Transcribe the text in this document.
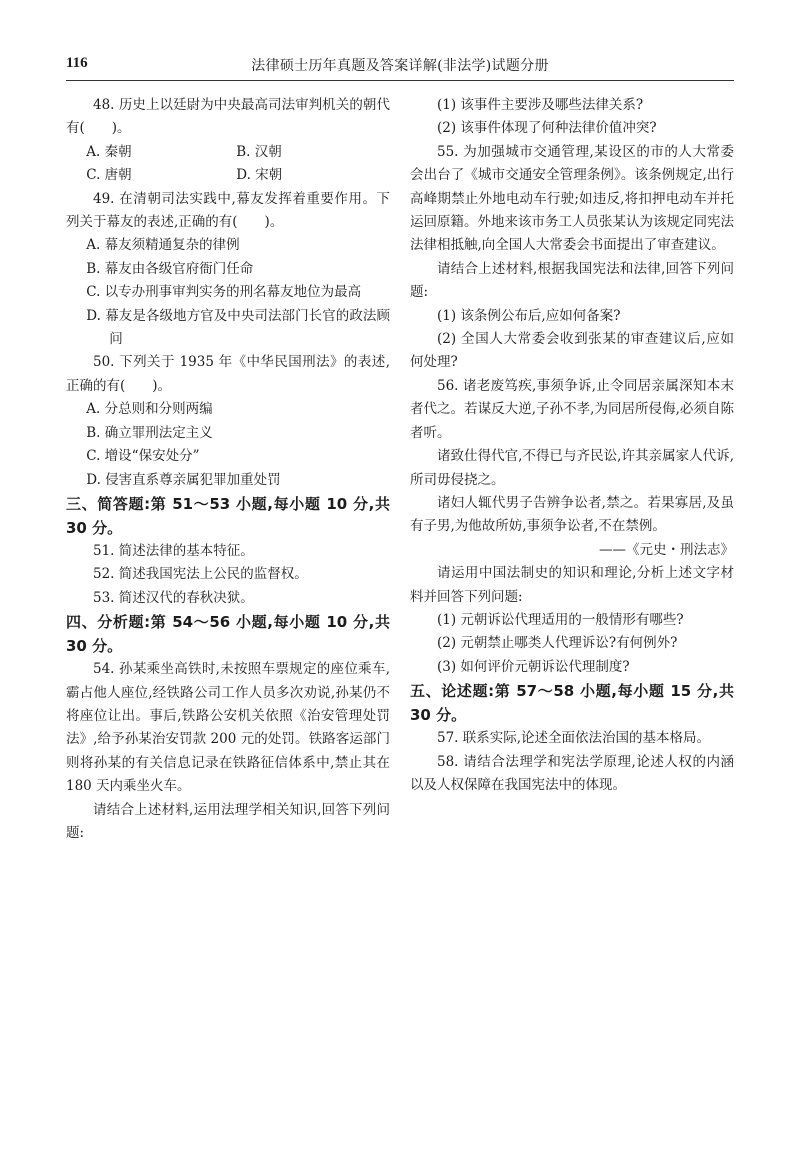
116	法律硕士历年真题及答案详解(非法学)试题分册

48. 历史上以廷尉为中央最高司法审判机关的朝代有(　　)。

A. 秦朝	B. 汉朝
C. 唐朝	D. 宋朝

49. 在清朝司法实践中,幕友发挥着重要作用。下列关于幕友的表述,正确的有(　　)。

A. 幕友须精通复杂的律例

B. 幕友由各级官府衙门任命

C. 以专办刑事审判实务的刑名幕友地位为最高

D. 幕友是各级地方官及中央司法部门长官的政法顾问

50. 下列关于 1935 年《中华民国刑法》的表述,正确的有(　　)。

A. 分总则和分则两编

B. 确立罪刑法定主义

C. 增设“保安处分”

D. 侵害直系尊亲属犯罪加重处罚

三、简答题:第 51～53 小题,每小题 10 分,共 30 分。

51. 简述法律的基本特征。

52. 简述我国宪法上公民的监督权。

53. 简述汉代的春秋决狱。

四、分析题:第 54～56 小题,每小题 10 分,共 30 分。

54. 孙某乘坐高铁时,未按照车票规定的座位乘车,霸占他人座位,经铁路公司工作人员多次劝说,孙某仍不将座位让出。事后,铁路公安机关依照《治安管理处罚法》,给予孙某治安罚款 200 元的处罚。铁路客运部门则将孙某的有关信息记录在铁路征信体系中,禁止其在 180 天内乘坐火车。

请结合上述材料,运用法理学相关知识,回答下列问题:

(1) 该事件主要涉及哪些法律关系?

(2) 该事件体现了何种法律价值冲突?

55. 为加强城市交通管理,某设区的市的人大常委会出台了《城市交通安全管理条例》。该条例规定,出行高峰期禁止外地电动车行驶;如违反,将扣押电动车并托运回原籍。外地来该市务工人员张某认为该规定同宪法法律相抵触,向全国人大常委会书面提出了审查建议。

请结合上述材料,根据我国宪法和法律,回答下列问题:

(1) 该条例公布后,应如何备案?

(2) 全国人大常委会收到张某的审查建议后,应如何处理?

56. 诸老废笃疾,事须争诉,止令同居亲属深知本末者代之。若谋反大逆,子孙不孝,为同居所侵侮,必须自陈者听。

诸致仕得代官,不得已与齐民讼,许其亲属家人代诉,所司毋侵挠之。

诸妇人辄代男子告辨争讼者,禁之。若果寡居,及虽有子男,为他故所妨,事须争讼者,不在禁例。

——《元史・刑法志》

请运用中国法制史的知识和理论,分析上述文字材料并回答下列问题:

(1) 元朝诉讼代理适用的一般情形有哪些?

(2) 元朝禁止哪类人代理诉讼?有何例外?

(3) 如何评价元朝诉讼代理制度?

五、论述题:第 57～58 小题,每小题 15 分,共 30 分。

57. 联系实际,论述全面依法治国的基本格局。

58. 请结合法理学和宪法学原理,论述人权的内涵以及人权保障在我国宪法中的体现。
